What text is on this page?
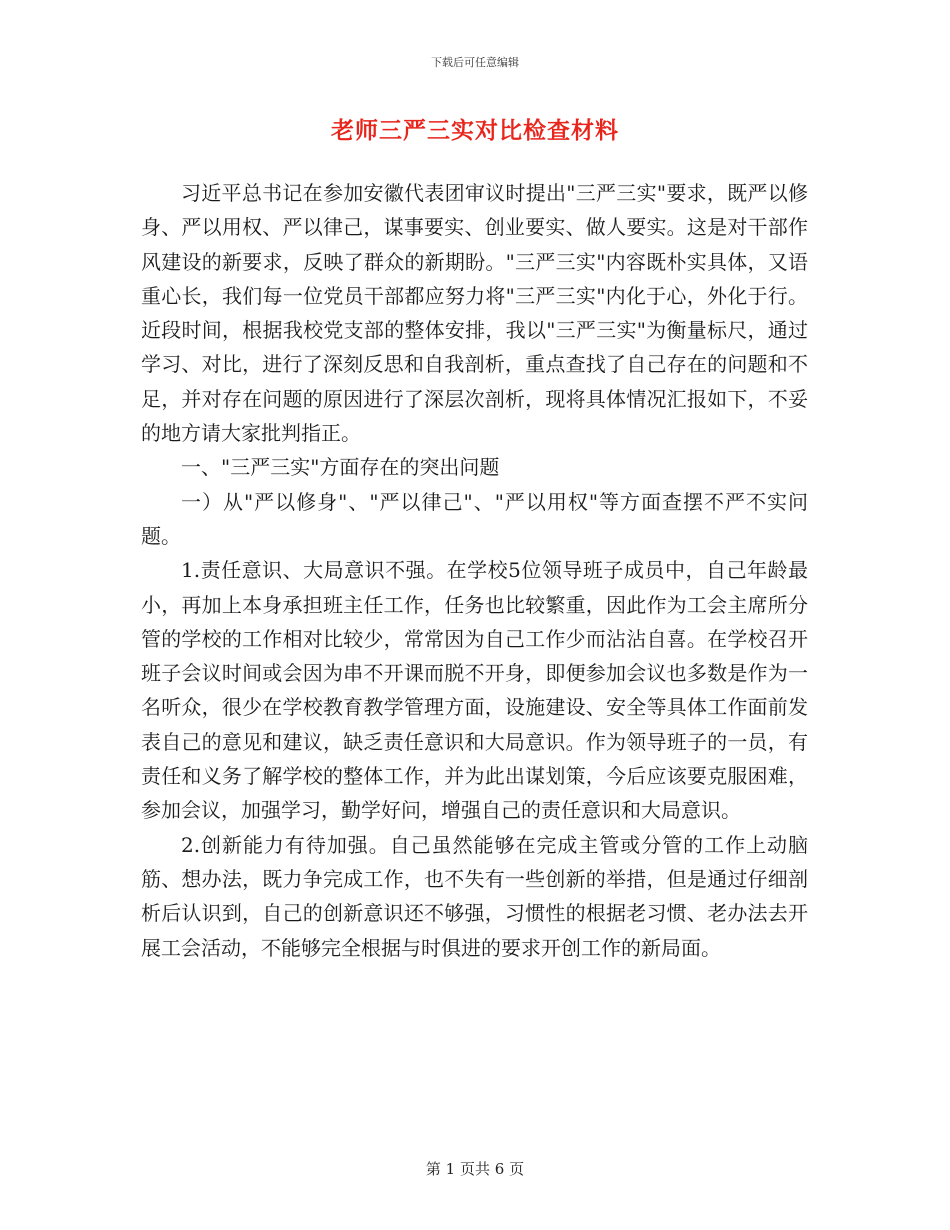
下载后可任意编辑
老师三严三实对比检查材料

习近平总书记在参加安徽代表团审议时提出"三严三实"要求，既严以修身、严以用权、严以律己，谋事要实、创业要实、做人要实。这是对干部作风建设的新要求，反映了群众的新期盼。"三严三实"内容既朴实具体，又语重心长，我们每一位党员干部都应努力将"三严三实"内化于心，外化于行。近段时间，根据我校党支部的整体安排，我以"三严三实"为衡量标尺，通过学习、对比，进行了深刻反思和自我剖析，重点查找了自己存在的问题和不足，并对存在问题的原因进行了深层次剖析，现将具体情况汇报如下，不妥的地方请大家批判指正。

一、"三严三实"方面存在的突出问题

一）从"严以修身"、"严以律己"、"严以用权"等方面查摆不严不实问题。

1.责任意识、大局意识不强。在学校5位领导班子成员中，自己年龄最小，再加上本身承担班主任工作，任务也比较繁重，因此作为工会主席所分管的学校的工作相对比较少，常常因为自己工作少而沾沾自喜。在学校召开班子会议时间或会因为串不开课而脱不开身，即便参加会议也多数是作为一名听众，很少在学校教育教学管理方面，设施建设、安全等具体工作面前发表自己的意见和建议，缺乏责任意识和大局意识。作为领导班子的一员，有责任和义务了解学校的整体工作，并为此出谋划策，今后应该要克服困难，参加会议，加强学习，勤学好问，增强自己的责任意识和大局意识。

2.创新能力有待加强。自己虽然能够在完成主管或分管的工作上动脑筋、想办法，既力争完成工作，也不失有一些创新的举措，但是通过仔细剖析后认识到，自己的创新意识还不够强，习惯性的根据老习惯、老办法去开展工会活动，不能够完全根据与时俱进的要求开创工作的新局面。

第 1 页共 6 页
